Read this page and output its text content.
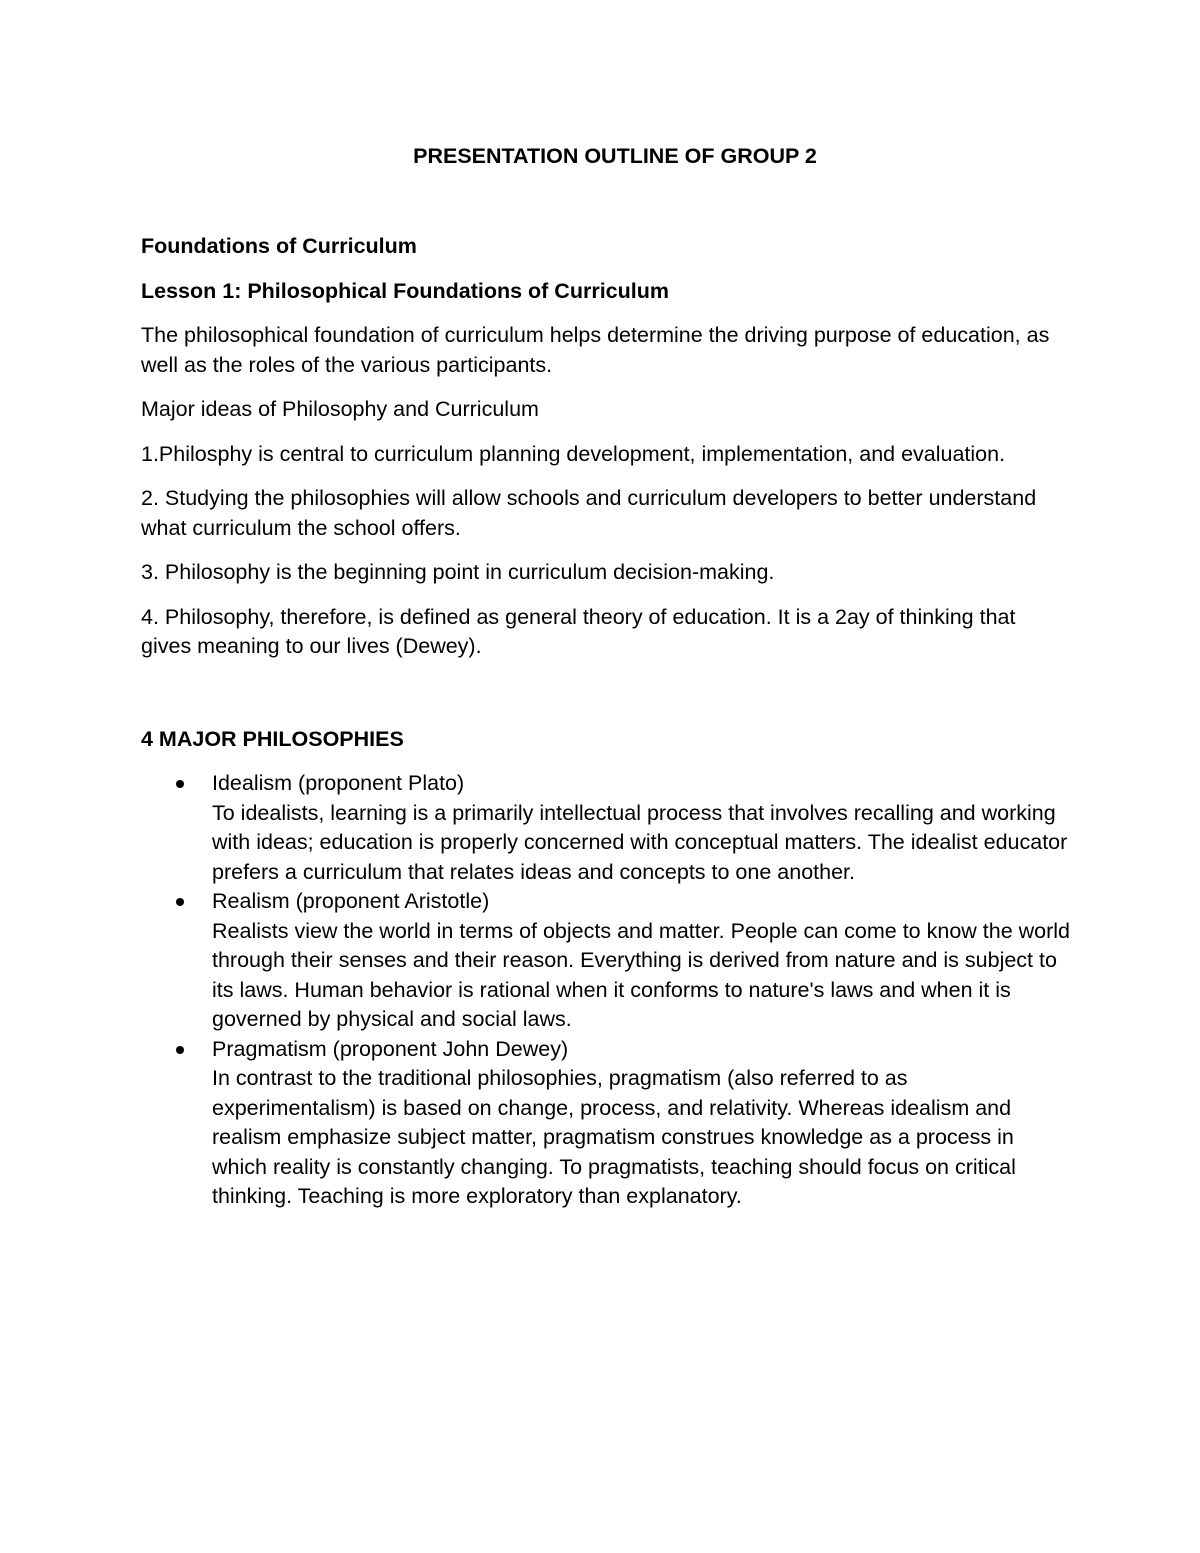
PRESENTATION OUTLINE OF GROUP 2

Foundations of Curriculum

Lesson 1: Philosophical Foundations of Curriculum

The philosophical foundation of curriculum helps determine the driving purpose of education, as well as the roles of the various participants.

Major ideas of Philosophy and Curriculum

1.Philosphy is central to curriculum planning development, implementation, and evaluation.

2. Studying the philosophies will allow schools and curriculum developers to better understand what curriculum the school offers.

3. Philosophy is the beginning point in curriculum decision-making.

4. Philosophy, therefore, is defined as general theory of education. It is a 2ay of thinking that gives meaning to our lives (Dewey).

4 MAJOR PHILOSOPHIES

Idealism (proponent Plato)
To idealists, learning is a primarily intellectual process that involves recalling and working with ideas; education is properly concerned with conceptual matters. The idealist educator prefers a curriculum that relates ideas and concepts to one another.
Realism (proponent Aristotle)
Realists view the world in terms of objects and matter. People can come to know the world through their senses and their reason. Everything is derived from nature and is subject to its laws. Human behavior is rational when it conforms to nature's laws and when it is governed by physical and social laws.
Pragmatism (proponent John Dewey)
In contrast to the traditional philosophies, pragmatism (also referred to as experimentalism) is based on change, process, and relativity. Whereas idealism and realism emphasize subject matter, pragmatism construes knowledge as a process in which reality is constantly changing. To pragmatists, teaching should focus on critical thinking. Teaching is more exploratory than explanatory.
